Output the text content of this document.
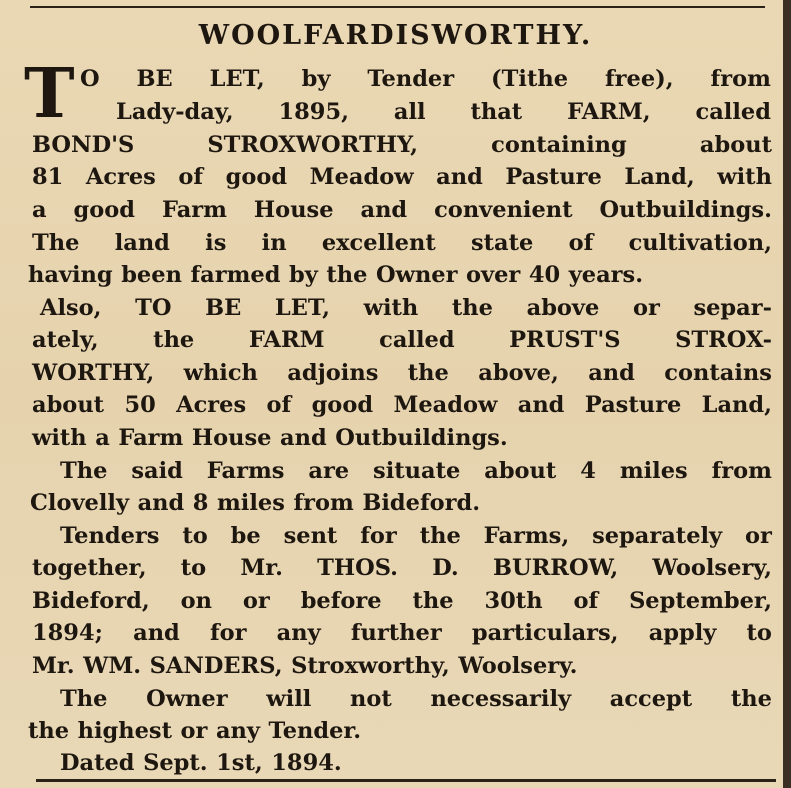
WOOLFARDISWORTHY.
T O BE LET, by Tender (Tithe free), from
Lady-day, 1895, all that FARM, called
BOND'S	STROXWORTHY,	containing	about
81 Acres of good Meadow and Pasture Land, with
a good Farm House and convenient Outbuildings.
The land is in excellent state of cultivation,
having been farmed by the Owner over 40 years.
Also, TO BE LET, with the above or separ-
ately, the FARM called PRUST'S STROX-
WORTHY, which adjoins the above, and contains
about 50 Acres of good Meadow and Pasture Land,
with a Farm House and Outbuildings.
The said Farms are situate about 4 miles from
Clovelly and 8 miles from Bideford.
Tenders to be sent for the Farms, separately or
together, to Mr. THOS. D. BURROW, Woolsery,
Bideford, on or before the 30th of September,
1894; and for any further particulars, apply to
Mr. WM. SANDERS, Stroxworthy, Woolsery.
The Owner will not necessarily accept the
the highest or any Tender.
Dated Sept. 1st, 1894.
